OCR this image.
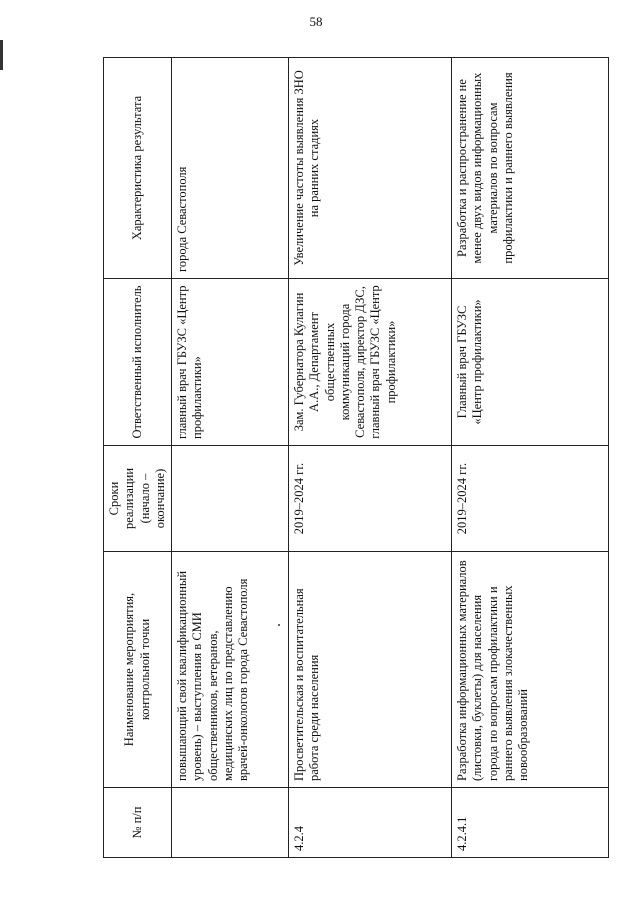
58
№ п/п	Наименование мероприятия, контрольной точки	Сроки реализации (начало – окончание)	Ответственный исполнитель	Характеристика результата
	повышающий свой квалификационный уровень) – выступления в СМИ общественников, ветеранов, медицинских лиц по представлению врачей-онкологов города Севастополя		главный врач ГБУЗС «Центр профилактики»	города Севастополя
4.2.4	Просветительская и воспитательная работа среди населения	2019–2024 гг.	Зам. Губернатора Кулагин А.А., Департамент общественных коммуникаций города Севастополя, директор ДЗС, главный врач ГБУЗС «Центр профилактики»	Увеличение частоты выявления ЗНО на ранних стадиях
4.2.4.1	Разработка информационных материалов (листовки, буклеты) для населения города по вопросам профилактики и раннего выявления злокачественных новообразований	2019–2024 гг.	Главный врач ГБУЗС «Центр профилактики»	Разработка и распространение не менее двух видов информационных материалов по вопросам профилактики и раннего выявления
